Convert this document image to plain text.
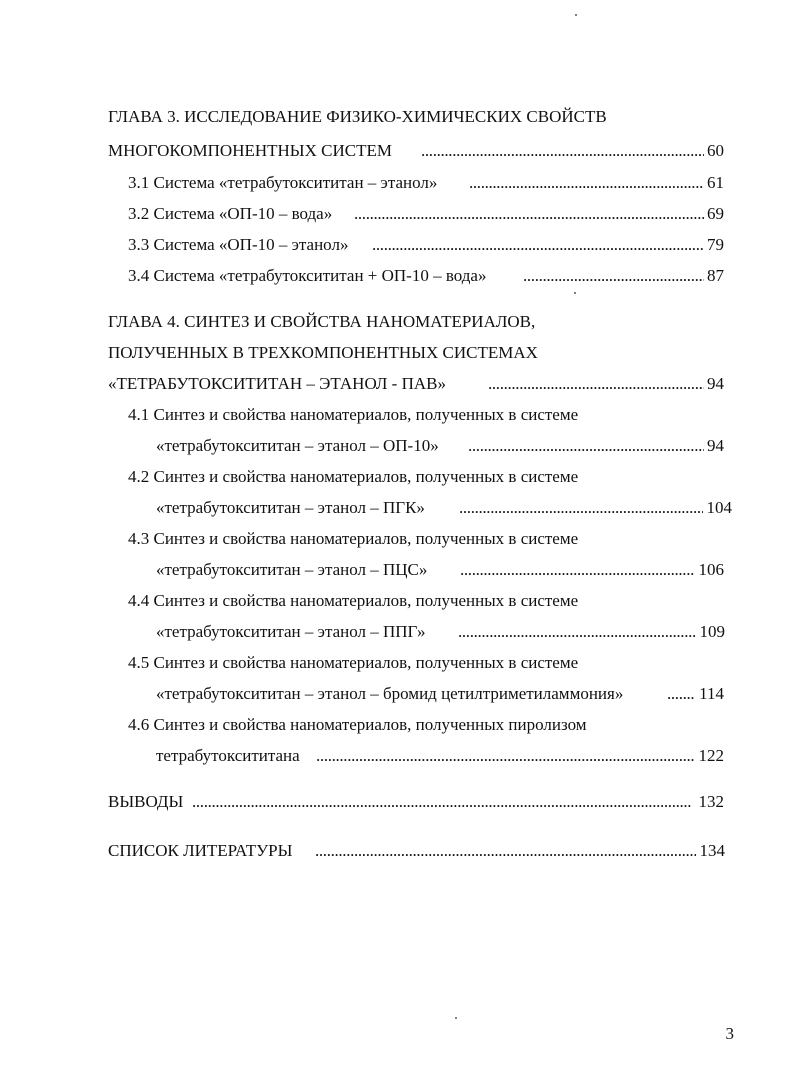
ГЛАВА 3. ИССЛЕДОВАНИЕ ФИЗИКО-ХИМИЧЕСКИХ СВОЙСТВ
МНОГОКОМПОНЕНТНЫХ СИСТЕМ . . .	60
3.1 Система «тетрабутоксититан – этанол» . . .	61
3.2 Система «ОП-10 – вода» . . .	69
3.3 Система «ОП-10 – этанол» . . .	79
3.4 Система «тетрабутоксититан + ОП-10 – вода» . . .	87
ГЛАВА 4. СИНТЕЗ И СВОЙСТВА НАНОМАТЕРИАЛОВ,
ПОЛУЧЕННЫХ В ТРЕХКОМПОНЕНТНЫХ СИСТЕМАХ
«ТЕТРАБУТОКСИТИТАН – ЭТАНОЛ - ПАВ» . . .	94
4.1 Синтез и свойства наноматериалов, полученных в системе
«тетрабутоксититан – этанол – ОП-10» . . .	94
4.2 Синтез и свойства наноматериалов, полученных в системе
«тетрабутоксититан – этанол – ПГК» . . .	104
4.3 Синтез и свойства наноматериалов, полученных в системе
«тетрабутоксититан – этанол – ПЦС» . . .	106
4.4 Синтез и свойства наноматериалов, полученных в системе
«тетрабутоксититан – этанол – ППГ» . . .	109
4.5 Синтез и свойства наноматериалов, полученных в системе
«тетрабутоксититан – этанол – бромид цетилтриметиламмония» . . .	114
4.6 Синтез и свойства наноматериалов, полученных пиролизом
тетрабутоксититана . . .	122
ВЫВОДЫ . . .	132
СПИСОК ЛИТЕРАТУРЫ . . .	134
3
